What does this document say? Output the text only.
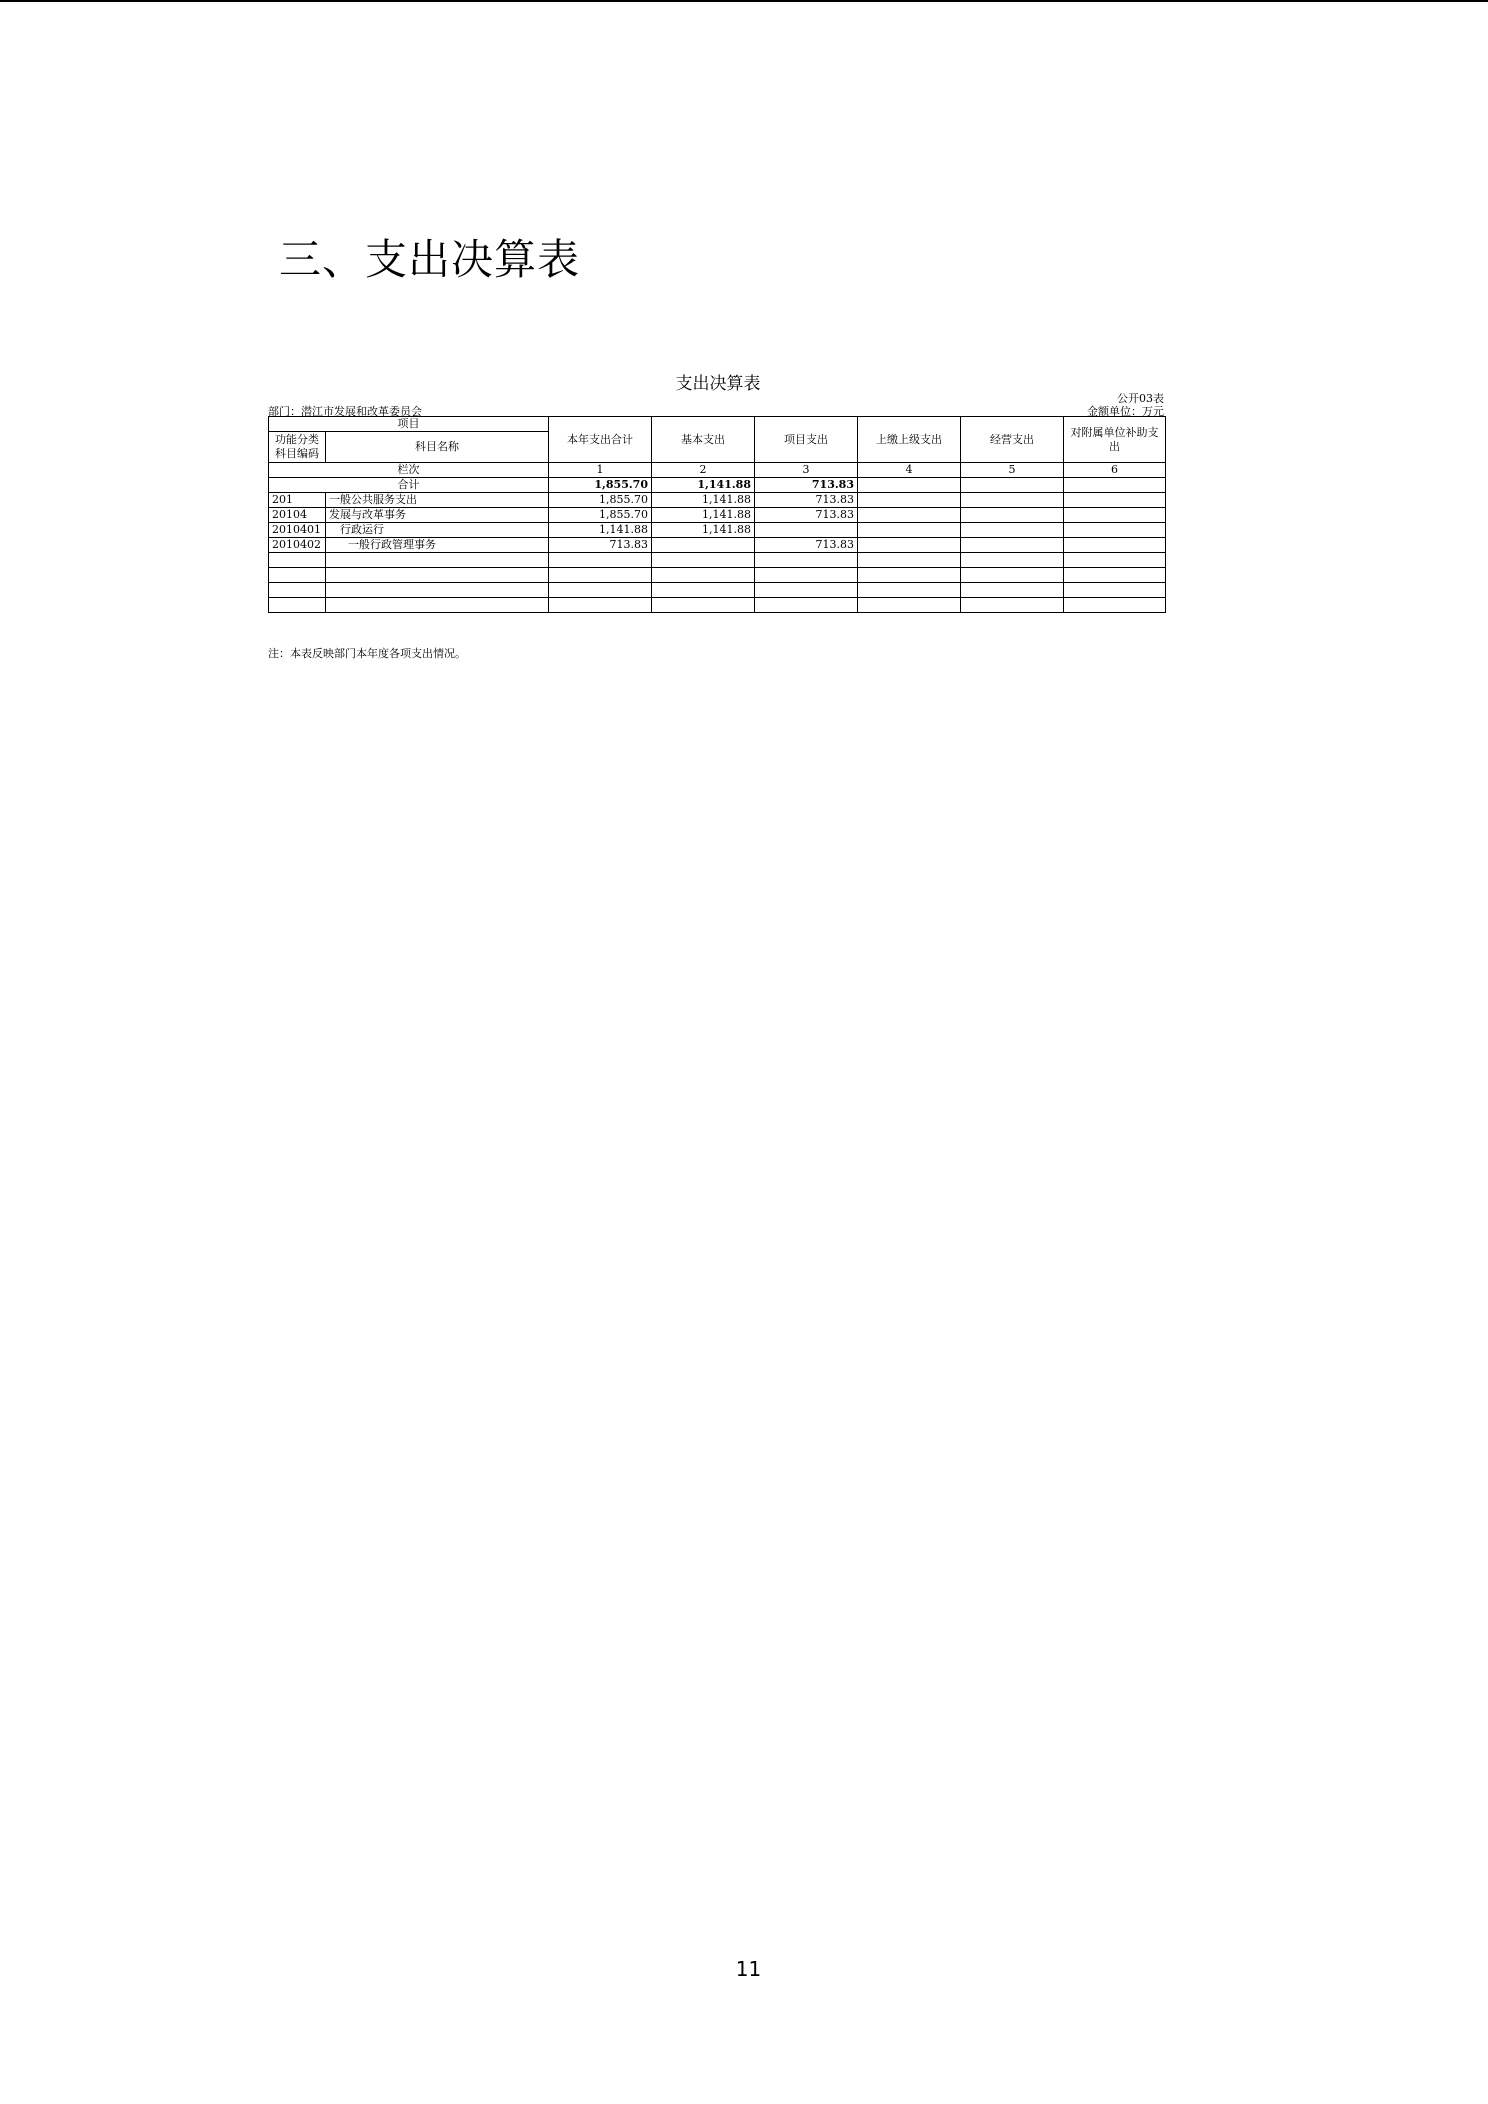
三、支出决算表
支出决算表
公开03表
部门：潜江市发展和改革委员会	金额单位：万元
项目		本年支出合计	基本支出	项目支出	上缴上级支出	经营支出	对附属单位补助支出
功能分类科目编码	科目名称						

栏次		1	2	3	4	5	6
合计		1,855.70	1,141.88	713.83			
201	一般公共服务支出	1,855.70	1,141.88	713.83			
20104	发展与改革事务	1,855.70	1,141.88	713.83			
2010401	行政运行	1,141.88	1,141.88				
2010402	一般行政管理事务	713.83		713.83			

注：本表反映部门本年度各项支出情况。
11
